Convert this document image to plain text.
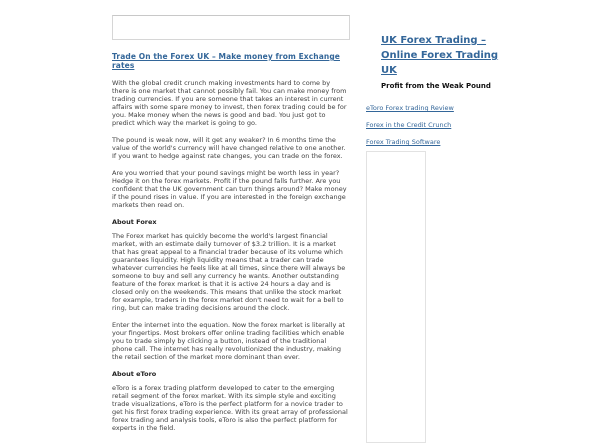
Trade On the Forex UK – Make money from Exchange rates

With the global credit crunch making investments hard to come by there is one market that cannot possibly fail. You can make money from trading currencies. If you are someone that takes an interest in current affairs with some spare money to invest, then forex trading could be for you. Make money when the news is good and bad. You just got to predict which way the market is going to go.

The pound is weak now, will it get any weaker? In 6 months time the value of the world's currency will have changed relative to one another. If you want to hedge against rate changes, you can trade on the forex.

Are you worried that your pound savings might be worth less in year? Hedge it on the forex markets. Profit if the pound falls further. Are you confident that the UK government can turn things around? Make money if the pound rises in value. If you are interested in the foreign exchange markets then read on.

About Forex

The Forex market has quickly become the world's largest financial market, with an estimate daily turnover of $3.2 trillion. It is a market that has great appeal to a financial trader because of its volume which guarantees liquidity. High liquidity means that a trader can trade whatever currencies he feels like at all times, since there will always be someone to buy and sell any currency he wants. Another outstanding feature of the forex market is that it is active 24 hours a day and is closed only on the weekends. This means that unlike the stock market for example, traders in the forex market don't need to wait for a bell to ring, but can make trading decisions around the clock.

Enter the internet into the equation. Now the forex market is literally at your fingertips. Most brokers offer online trading facilities which enable you to trade simply by clicking a button, instead of the traditional phone call. The internet has really revolutionized the industry, making the retail section of the market more dominant than ever.

About eToro

eToro is a forex trading platform developed to cater to the emerging retail segment of the forex market. With its simple style and exciting trade visualizations, eToro is the perfect platform for a novice trader to get his first forex trading experience. With its great array of professional forex trading and analysis tools, eToro is also the perfect platform for experts in the field.

UK Forex Trading –
Online Forex Trading
UK
Profit from the Weak Pound
eToro Forex trading Review
Forex in the Credit Crunch
Forex Trading Software
